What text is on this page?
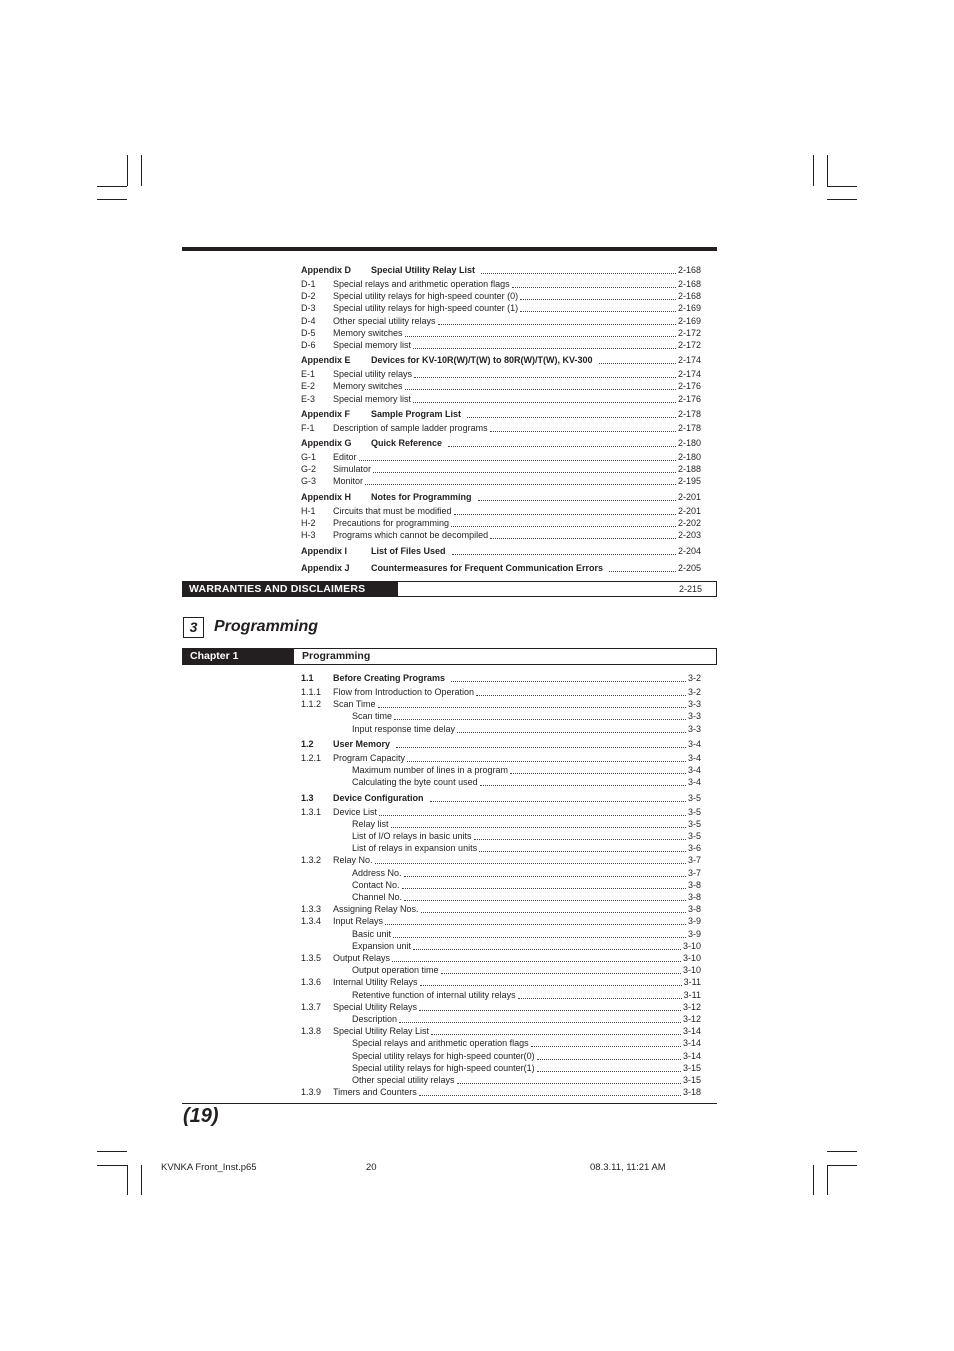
Appendix D	Special Utility Relay List	2-168
D-1	Special relays and arithmetic operation flags	2-168
D-2	Special utility relays for high-speed counter (0)	2-168
D-3	Special utility relays for high-speed counter (1)	2-169
D-4	Other special utility relays	2-169
D-5	Memory switches	2-172
D-6	Special memory list	2-172
Appendix E	Devices for KV-10R(W)/T(W) to 80R(W)/T(W), KV-300	2-174
E-1	Special utility relays	2-174
E-2	Memory switches	2-176
E-3	Special memory list	2-176
Appendix F	Sample Program List	2-178
F-1	Description of sample ladder programs	2-178
Appendix G	Quick Reference	2-180
G-1	Editor	2-180
G-2	Simulator	2-188
G-3	Monitor	2-195
Appendix H	Notes for Programming	2-201
H-1	Circuits that must be modified	2-201
H-2	Precautions for programming	2-202
H-3	Programs which cannot be decompiled	2-203
Appendix I	List of Files Used	2-204
Appendix J	Countermeasures for Frequent Communication Errors	2-205
WARRANTIES AND DISCLAIMERS	2-215
3	Programming
Chapter 1	Programming
1.1	Before Creating Programs	3-2
1.1.1	Flow from Introduction to Operation	3-2
1.1.2	Scan Time	3-3
Scan time	3-3
Input response time delay	3-3
1.2	User Memory	3-4
1.2.1	Program Capacity	3-4
Maximum number of lines in a program	3-4
Calculating the byte count used	3-4
1.3	Device Configuration	3-5
1.3.1	Device List	3-5
Relay list	3-5
List of I/O relays in basic units	3-5
List of relays in expansion units	3-6
1.3.2	Relay No.	3-7
Address No.	3-7
Contact No.	3-8
Channel No.	3-8
1.3.3	Assigning Relay Nos.	3-8
1.3.4	Input Relays	3-9
Basic unit	3-9
Expansion unit	3-10
1.3.5	Output Relays	3-10
Output operation time	3-10
1.3.6	Internal Utility Relays	3-11
Retentive function of internal utility relays	3-11
1.3.7	Special Utility Relays	3-12
Description	3-12
1.3.8	Special Utility Relay List	3-14
Special relays and arithmetic operation flags	3-14
Special utility relays for high-speed counter(0)	3-14
Special utility relays for high-speed counter(1)	3-15
Other special utility relays	3-15
1.3.9	Timers and Counters	3-18
(19)
KVNKA Front_Inst.p65	20	08.3.11, 11:21 AM
